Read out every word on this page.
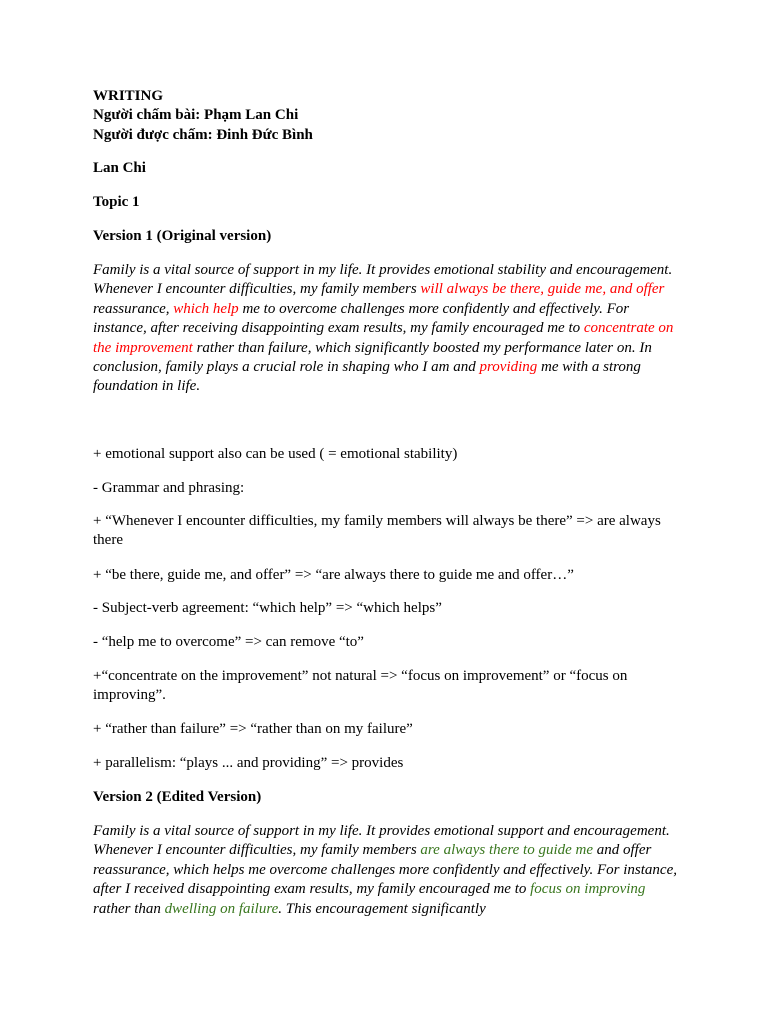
WRITING
Người chấm bài: Phạm Lan Chi
Người được chấm: Đinh Đức Bình
Lan Chi
Topic 1
Version 1 (Original version)

Family is a vital source of support in my life. It provides emotional stability and encouragement. Whenever I encounter difficulties, my family members will always be there, guide me, and offer reassurance, which help me to overcome challenges more confidently and effectively. For instance, after receiving disappointing exam results, my family encouraged me to concentrate on the improvement rather than failure, which significantly boosted my performance later on. In conclusion, family plays a crucial role in shaping who I am and providing me with a strong foundation in life.

+ emotional support also can be used ( = emotional stability)
- Grammar and phrasing:
+ “Whenever I encounter difficulties, my family members will always be there” => are always there
+ “be there, guide me, and offer” => “are always there to guide me and offer…”
- Subject-verb agreement: “which help” => “which helps”
- “help me to overcome” => can remove “to”
+“concentrate on the improvement” not natural => “focus on improvement” or “focus on improving”.
+ “rather than failure” => “rather than on my failure”
+ parallelism: “plays ... and providing” => provides
Version 2 (Edited Version)

Family is a vital source of support in my life. It provides emotional support and encouragement. Whenever I encounter difficulties, my family members are always there to guide me and offer reassurance, which helps me overcome challenges more confidently and effectively. For instance, after I received disappointing exam results, my family encouraged me to focus on improving rather than dwelling on failure. This encouragement significantly
